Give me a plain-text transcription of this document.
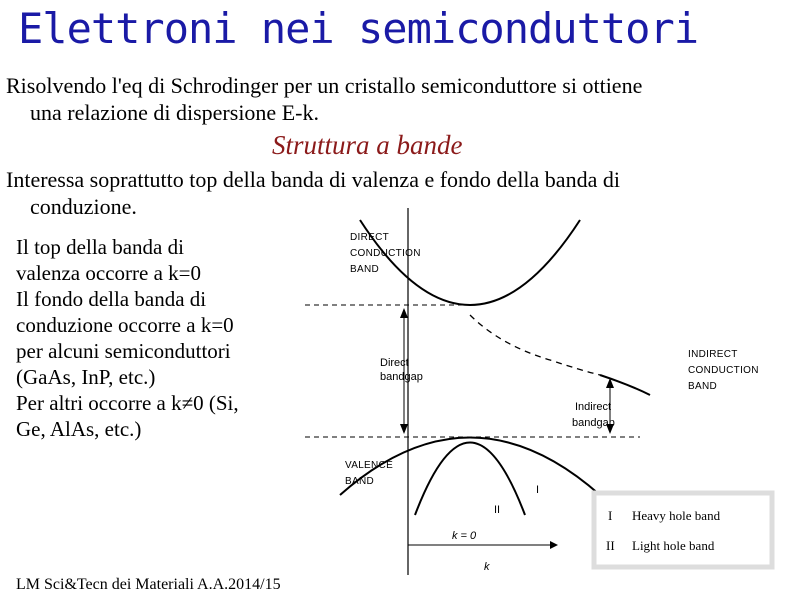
Elettroni nei semiconduttori
Risolvendo l'eq di Schrodinger per un cristallo semiconduttore si ottiene
una relazione di dispersione E-k.
Struttura a bande
Interessa soprattutto top della banda di valenza e fondo della banda di
conduzione.
Il top della banda di
valenza occorre a k=0
Il fondo della banda di
conduzione occorre a k=0
per alcuni semiconduttori
(GaAs, InP, etc.)
Per altri occorre a k≠0 (Si,
Ge, AlAs, etc.)
DIRECT
CONDUCTION
BAND
INDIRECT
CONDUCTION
BAND
Direct
bandgap
Indirect
bandgap
VALENCE
BAND
I
II
k = 0
k
I Heavy hole band
II Light hole band
LM Sci&Tecn dei Materiali A.A.2014/15
